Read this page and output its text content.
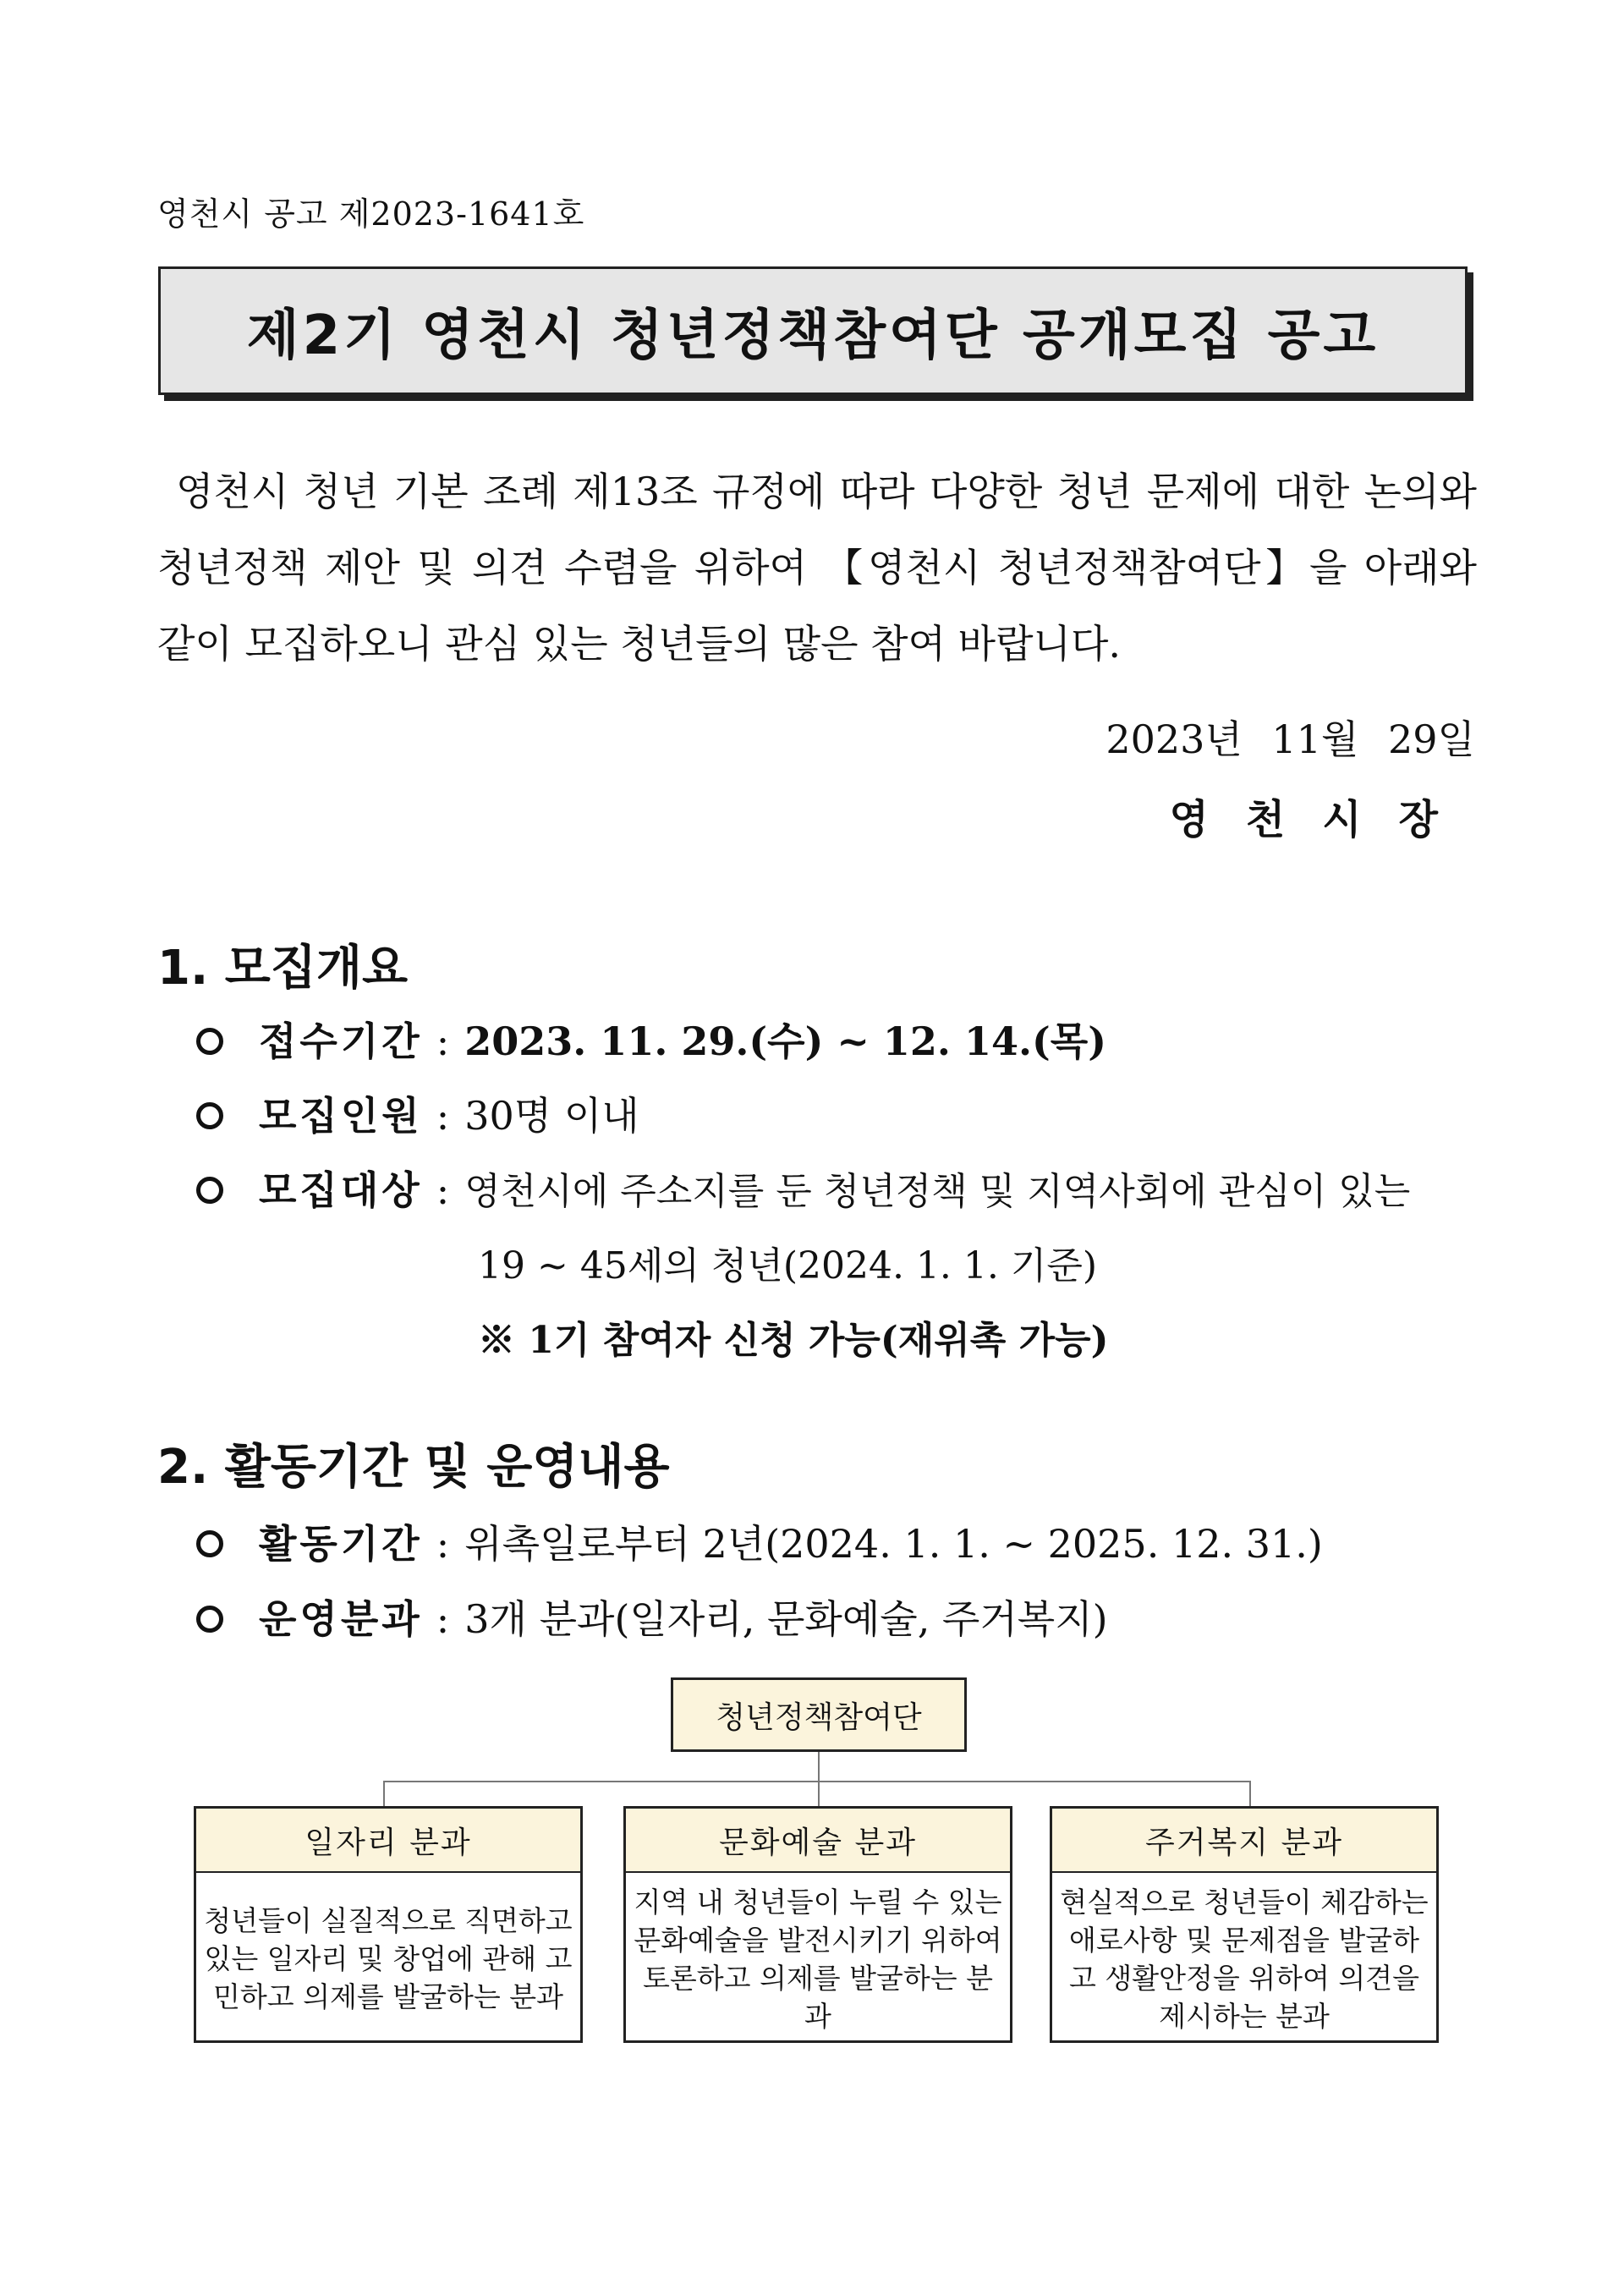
영천시 공고 제2023-1641호
제2기 영천시 청년정책참여단 공개모집 공고
영천시 청년 기본 조례 제13조 규정에 따라 다양한 청년 문제에 대한 논의와
청년정책 제안 및 의견 수렴을 위하여 【영천시 청년정책참여단】을 아래와
같이 모집하오니 관심 있는 청년들의 많은 참여 바랍니다.
2023년 11월 29일
영천시장
1. 모집개요
접수기간 : 2023. 11. 29.(수) ~ 12. 14.(목)
모집인원 : 30명 이내
모집대상 : 영천시에 주소지를 둔 청년정책 및 지역사회에 관심이 있는
19 ~ 45세의 청년(2024. 1. 1. 기준)
※ 1기 참여자 신청 가능(재위촉 가능)
2. 활동기간 및 운영내용
활동기간 : 위촉일로부터 2년(2024. 1. 1. ~ 2025. 12. 31.)
운영분과 : 3개 분과(일자리, 문화예술, 주거복지)
청년정책참여단
일자리 분과
청년들이 실질적으로 직면하고 있는 일자리 및 창업에 관해 고민하고 의제를 발굴하는 분과
문화예술 분과
지역 내 청년들이 누릴 수 있는 문화예술을 발전시키기 위하여 토론하고 의제를 발굴하는 분과
주거복지 분과
현실적으로 청년들이 체감하는 애로사항 및 문제점을 발굴하고 생활안정을 위하여 의견을 제시하는 분과
